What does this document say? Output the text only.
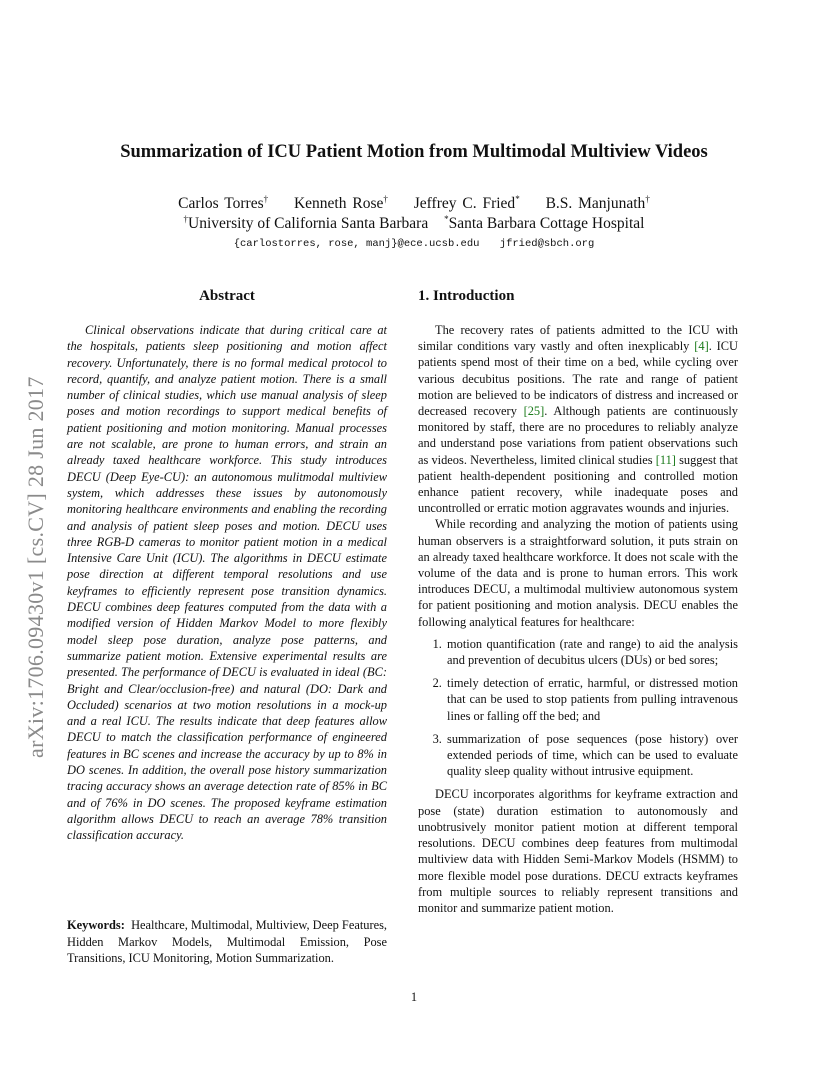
arXiv:1706.09430v1 [cs.CV] 28 Jun 2017
Summarization of ICU Patient Motion from Multimodal Multiview Videos
Carlos Torres† Kenneth Rose† Jeffrey C. Fried* B.S. Manjunath†
†University of California Santa Barbara *Santa Barbara Cottage Hospital
{carlostorres, rose, manj}@ece.ucsb.edu jfried@sbch.org
Abstract

Clinical observations indicate that during critical care at the hospitals, patients sleep positioning and motion affect recovery. Unfortunately, there is no formal medical protocol to record, quantify, and analyze patient motion. There is a small number of clinical studies, which use manual analysis of sleep poses and motion recordings to support medical benefits of patient positioning and motion monitoring. Manual processes are not scalable, are prone to human errors, and strain an already taxed healthcare workforce. This study introduces DECU (Deep Eye-CU): an autonomous mulitmodal multiview system, which addresses these issues by autonomously monitoring healthcare environments and enabling the recording and analysis of patient sleep poses and motion. DECU uses three RGB-D cameras to monitor patient motion in a medical Intensive Care Unit (ICU). The algorithms in DECU estimate pose direction at different temporal resolutions and use keyframes to efficiently represent pose transition dynamics. DECU combines deep features computed from the data with a modified version of Hidden Markov Model to more flexibly model sleep pose duration, analyze pose patterns, and summarize patient motion. Extensive experimental results are presented. The performance of DECU is evaluated in ideal (BC: Bright and Clear/occlusion-free) and natural (DO: Dark and Occluded) scenarios at two motion resolutions in a mock-up and a real ICU. The results indicate that deep features allow DECU to match the classification performance of engineered features in BC scenes and increase the accuracy by up to 8% in DO scenes. In addition, the overall pose history summarization tracing accuracy shows an average detection rate of 85% in BC and of 76% in DO scenes. The proposed keyframe estimation algorithm allows DECU to reach an average 78% transition classification accuracy.

Keywords: Healthcare, Multimodal, Multiview, Deep Features, Hidden Markov Models, Multimodal Emission, Pose Transitions, ICU Monitoring, Motion Summarization.

1. Introduction

The recovery rates of patients admitted to the ICU with similar conditions vary vastly and often inexplicably [4]. ICU patients spend most of their time on a bed, while cycling over various decubitus positions. The rate and range of patient motion are believed to be indicators of distress and increased or decreased recovery [25]. Although patients are continuously monitored by staff, there are no procedures to reliably analyze and understand pose variations from patient observations such as videos. Nevertheless, limited clinical studies [11] suggest that patient health-dependent positioning and controlled motion enhance patient recovery, while inadequate poses and uncontrolled or erratic motion aggravates wounds and injuries.

While recording and analyzing the motion of patients using human observers is a straightforward solution, it puts strain on an already taxed healthcare workforce. It does not scale with the volume of the data and is prone to human errors. This work introduces DECU, a multimodal multiview autonomous system for patient positioning and motion analysis. DECU enables the following analytical features for healthcare:

1. motion quantification (rate and range) to aid the analysis and prevention of decubitus ulcers (DUs) or bed sores;
2. timely detection of erratic, harmful, or distressed motion that can be used to stop patients from pulling intravenous lines or falling off the bed; and
3. summarization of pose sequences (pose history) over extended periods of time, which can be used to evaluate quality sleep quality without intrusive equipment.

DECU incorporates algorithms for keyframe extraction and pose (state) duration estimation to autonomously and unobtrusively monitor patient motion at different temporal resolutions. DECU combines deep features from multimodal multiview data with Hidden Semi-Markov Models (HSMM) to more flexible model pose durations. DECU extracts keyframes from multiple sources to reliably represent transitions and monitor and summarize patient motion.

1
